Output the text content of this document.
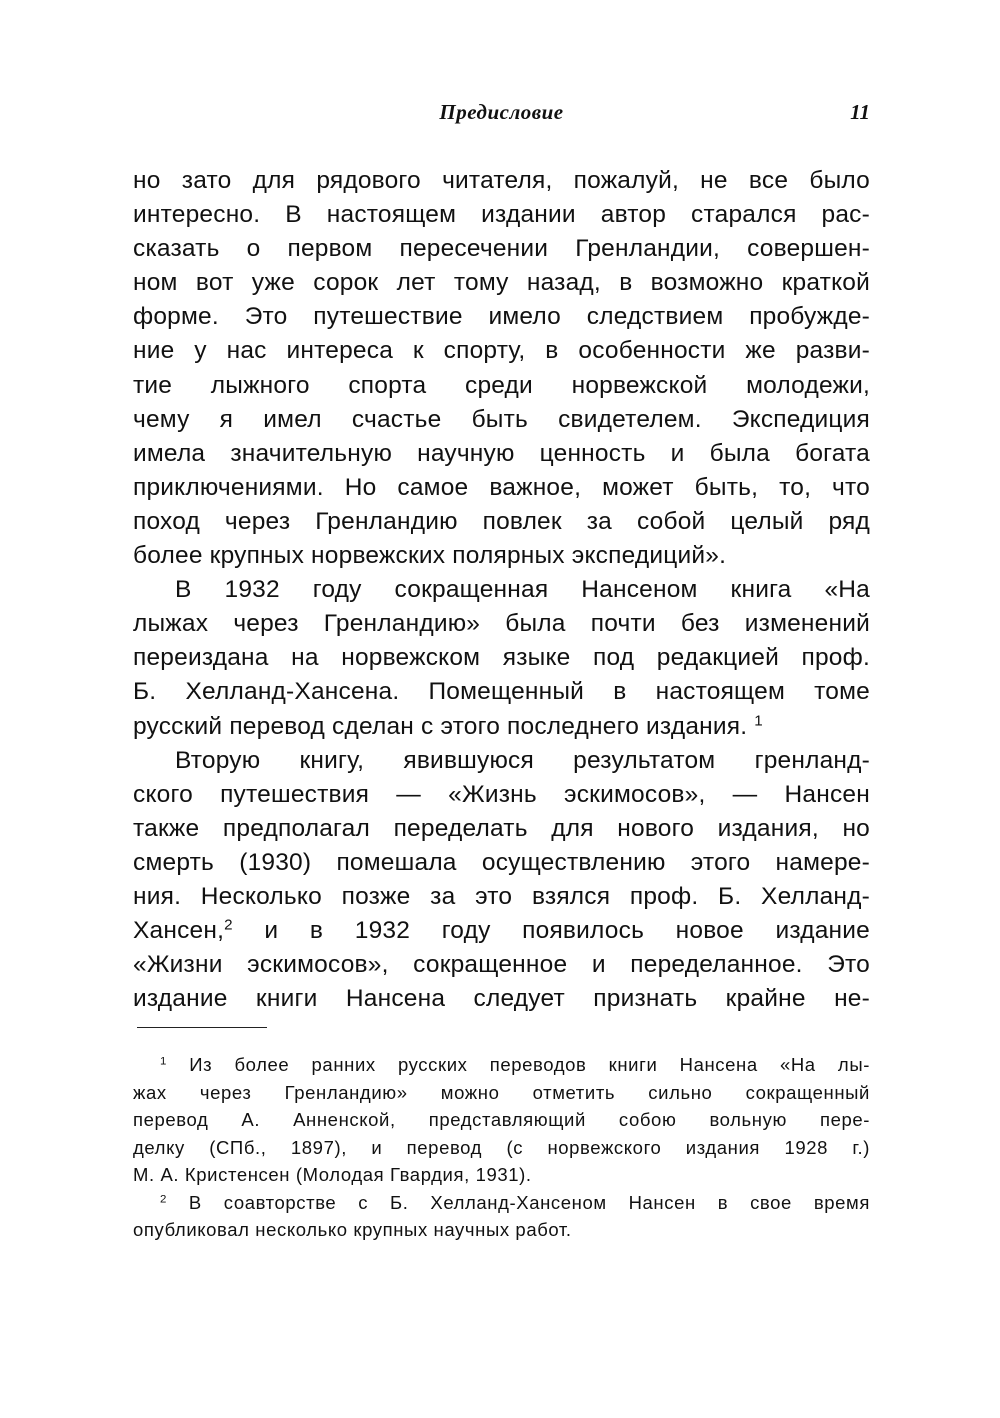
Предисловие	11
но зато для рядового читателя, пожалуй, не все было
интересно. В настоящем издании автор старался рас-
сказать о первом пересечении Гренландии, совершен-
ном вот уже сорок лет тому назад, в возможно краткой
форме. Это путешествие имело следствием пробужде-
ние у нас интереса к спорту, в особенности же разви-
тие лыжного спорта среди норвежской молодежи,
чему я имел счастье быть свидетелем. Экспедиция
имела значительную научную ценность и была богата
приключениями. Но самое важное, может быть, то, что
поход через Гренландию повлек за собой целый ряд
более крупных норвежских полярных экспедиций».
В 1932 году сокращенная Нансеном книга «На
лыжах через Гренландию» была почти без изменений
переиздана на норвежском языке под редакцией проф.
Б. Хелланд-Хансена. Помещенный в настоящем томе
русский перевод сделан с этого последнего издания. $^1$
Вторую книгу, явившуюся результатом гренланд-
ского путешествия — «Жизнь эскимосов», — Нансен
также предполагал переделать для нового издания, но
смерть (1930) помешала осуществлению этого намере-
ния. Несколько позже за это взялся проф. Б. Хелланд-
Хансен,$^2$ и в 1932 году появилось новое издание
«Жизни эскимосов», сокращенное и переделанное. Это
издание книги Нансена следует признать крайне не-
$^1$ Из более ранних русских переводов книги Нансена «На лы-
жах через Гренландию» можно отметить сильно сокращенный
перевод А. Анненской, представляющий собою вольную пере-
делку (СПб., 1897), и перевод (с норвежского издания 1928 г.)
М. А. Кристенсен (Молодая Гвардия, 1931).
$^2$ В соавторстве с Б. Хелланд-Хансеном Нансен в свое время
опубликовал несколько крупных научных работ.
